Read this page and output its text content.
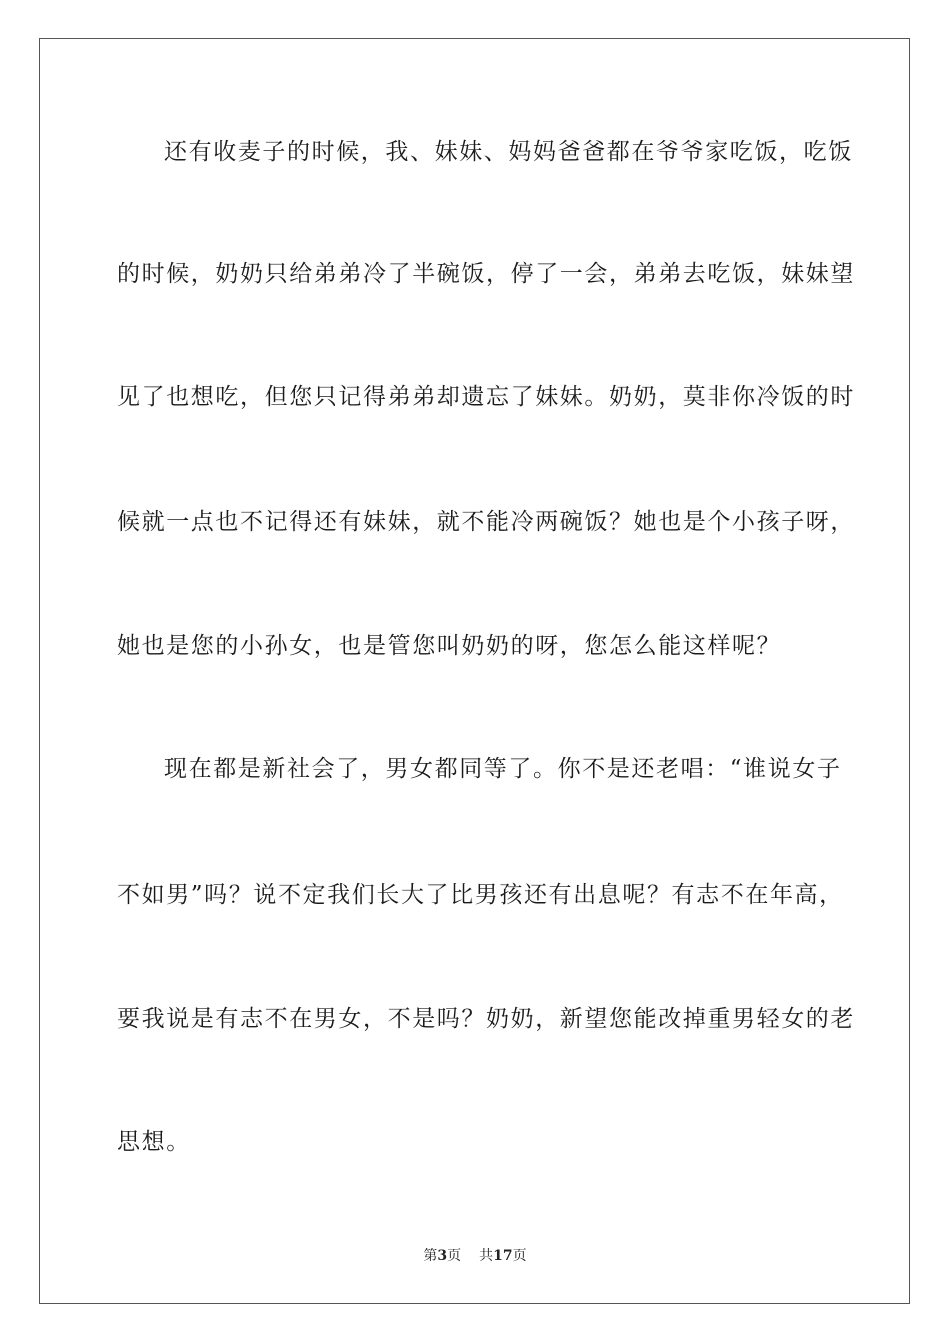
还有收麦子的时候，我、妹妹、妈妈爸爸都在爷爷家吃饭，吃饭
的时候，奶奶只给弟弟冷了半碗饭，停了一会，弟弟去吃饭，妹妹望
见了也想吃，但您只记得弟弟却遗忘了妹妹。奶奶，莫非你冷饭的时
候就一点也不记得还有妹妹，就不能冷两碗饭？她也是个小孩子呀，
她也是您的小孙女，也是管您叫奶奶的呀，您怎么能这样呢？
现在都是新社会了，男女都同等了。你不是还老唱：“谁说女子
不如男”吗？说不定我们长大了比男孩还有出息呢？有志不在年高，
要我说是有志不在男女，不是吗？奶奶，新望您能改掉重男轻女的老
思想。
第3页 共17页
